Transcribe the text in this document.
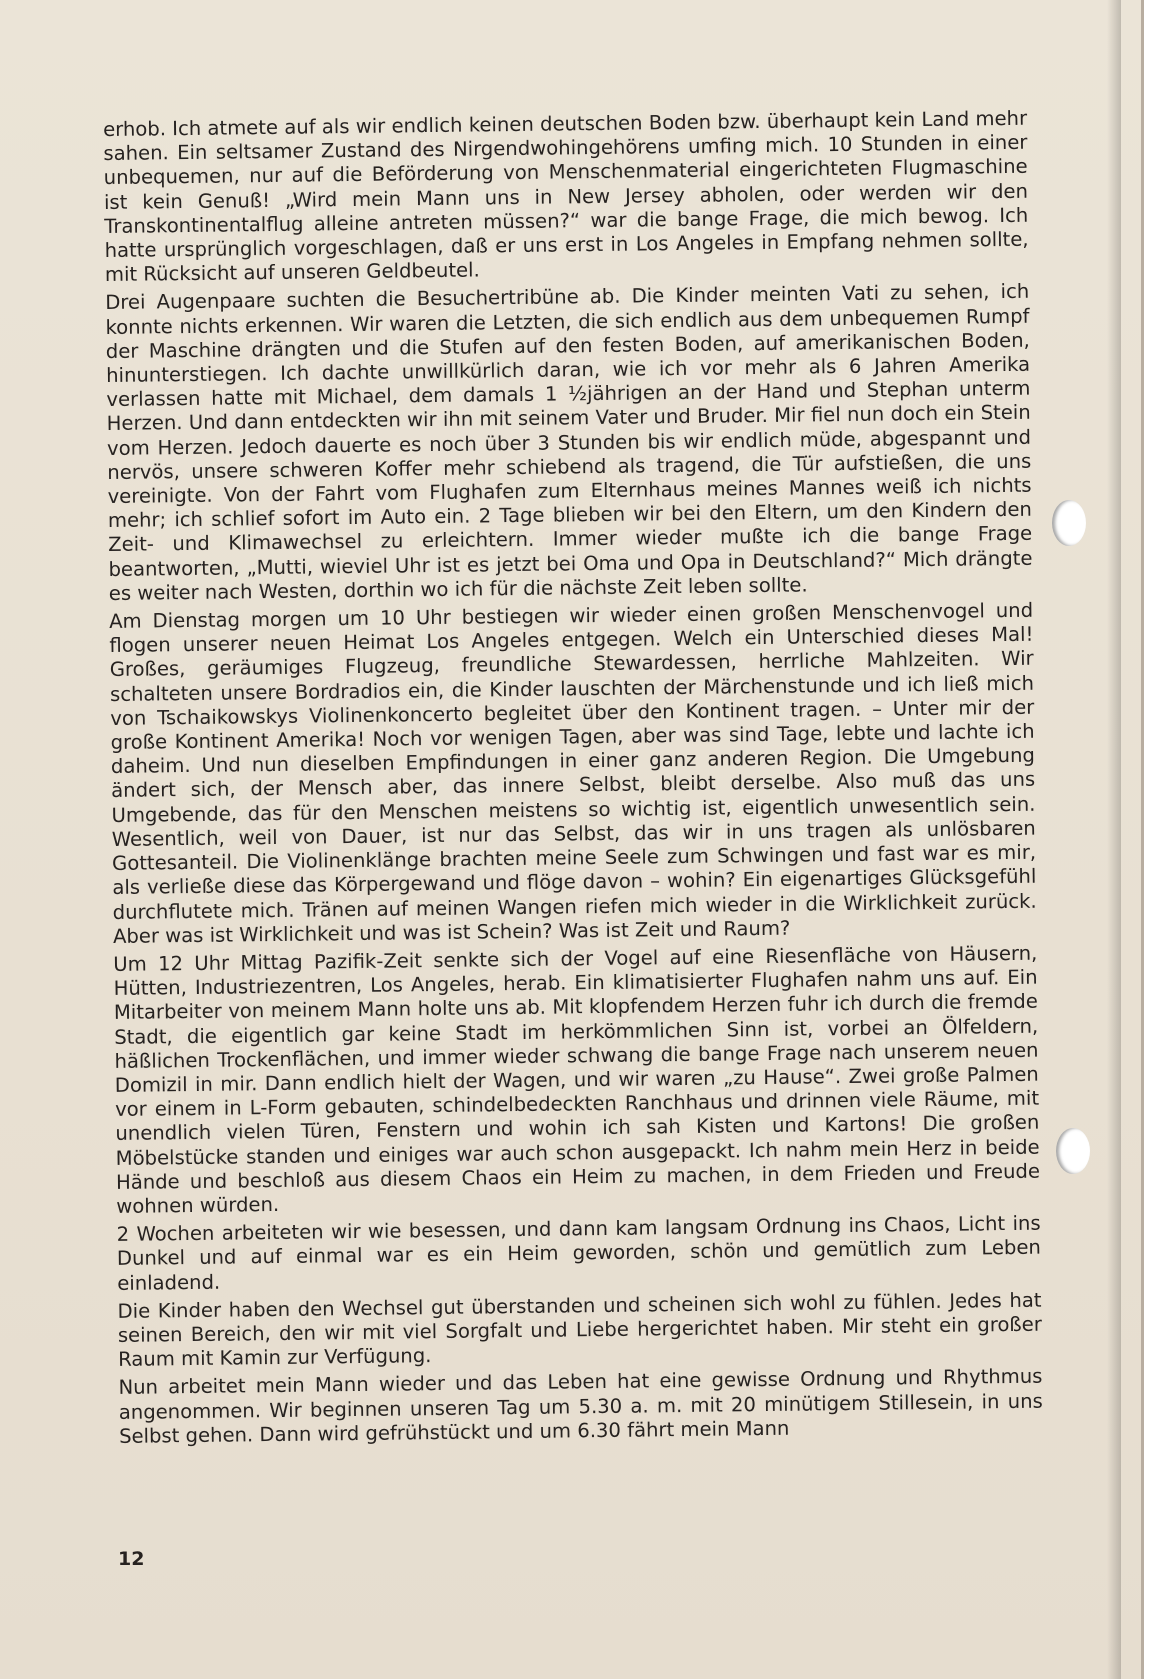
erhob. Ich atmete auf als wir endlich keinen deutschen Boden bzw. überhaupt kein Land mehr sahen. Ein seltsamer Zustand des Nirgendwohingehörens umfing mich. 10 Stunden in einer unbequemen, nur auf die Beförderung von Menschenmaterial eingerichteten Flugmaschine ist kein Genuß! „Wird mein Mann uns in New Jersey abholen, oder werden wir den Transkontinentalflug alleine antreten müssen?“ war die bange Frage, die mich bewog. Ich hatte ursprünglich vorgeschlagen, daß er uns erst in Los Angeles in Empfang nehmen sollte, mit Rücksicht auf unseren Geldbeutel.

Drei Augenpaare suchten die Besuchertribüne ab. Die Kinder meinten Vati zu sehen, ich konnte nichts erkennen. Wir waren die Letzten, die sich endlich aus dem unbequemen Rumpf der Maschine drängten und die Stufen auf den festen Boden, auf amerikanischen Boden, hinunterstiegen. Ich dachte unwillkürlich daran, wie ich vor mehr als 6 Jahren Amerika verlassen hatte mit Michael, dem damals 1 ½jährigen an der Hand und Stephan unterm Herzen. Und dann entdeckten wir ihn mit seinem Vater und Bruder. Mir fiel nun doch ein Stein vom Herzen. Jedoch dauerte es noch über 3 Stunden bis wir endlich müde, abgespannt und nervös, unsere schweren Koffer mehr schiebend als tragend, die Tür aufstießen, die uns vereinigte. Von der Fahrt vom Flughafen zum Elternhaus meines Mannes weiß ich nichts mehr; ich schlief sofort im Auto ein. 2 Tage blieben wir bei den Eltern, um den Kindern den Zeit- und Klimawechsel zu erleichtern. Immer wieder mußte ich die bange Frage beantworten, „Mutti, wieviel Uhr ist es jetzt bei Oma und Opa in Deutschland?“ Mich drängte es weiter nach Westen, dorthin wo ich für die nächste Zeit leben sollte.

Am Dienstag morgen um 10 Uhr bestiegen wir wieder einen großen Menschenvogel und flogen unserer neuen Heimat Los Angeles entgegen. Welch ein Unterschied dieses Mal! Großes, geräumiges Flugzeug, freundliche Stewardessen, herrliche Mahlzeiten. Wir schalteten unsere Bordradios ein, die Kinder lauschten der Märchenstunde und ich ließ mich von Tschaikowskys Violinenkoncerto begleitet über den Kontinent tragen. – Unter mir der große Kontinent Amerika! Noch vor wenigen Tagen, aber was sind Tage, lebte und lachte ich daheim. Und nun dieselben Empfindungen in einer ganz anderen Region. Die Umgebung ändert sich, der Mensch aber, das innere Selbst, bleibt derselbe. Also muß das uns Umgebende, das für den Menschen meistens so wichtig ist, eigentlich unwesentlich sein. Wesentlich, weil von Dauer, ist nur das Selbst, das wir in uns tragen als unlösbaren Gottesanteil. Die Violinenklänge brachten meine Seele zum Schwingen und fast war es mir, als verließe diese das Körpergewand und flöge davon – wohin? Ein eigenartiges Glücksgefühl durchflutete mich. Tränen auf meinen Wangen riefen mich wieder in die Wirklichkeit zurück. Aber was ist Wirklichkeit und was ist Schein? Was ist Zeit und Raum?

Um 12 Uhr Mittag Pazifik-Zeit senkte sich der Vogel auf eine Riesenfläche von Häusern, Hütten, Industriezentren, Los Angeles, herab. Ein klimatisierter Flughafen nahm uns auf. Ein Mitarbeiter von meinem Mann holte uns ab. Mit klopfendem Herzen fuhr ich durch die fremde Stadt, die eigentlich gar keine Stadt im herkömmlichen Sinn ist, vorbei an Ölfeldern, häßlichen Trockenflächen, und immer wieder schwang die bange Frage nach unserem neuen Domizil in mir. Dann endlich hielt der Wagen, und wir waren „zu Hause“. Zwei große Palmen vor einem in L-Form gebauten, schindelbedeckten Ranchhaus und drinnen viele Räume, mit unendlich vielen Türen, Fenstern und wohin ich sah Kisten und Kartons! Die großen Möbelstücke standen und einiges war auch schon ausgepackt. Ich nahm mein Herz in beide Hände und beschloß aus diesem Chaos ein Heim zu machen, in dem Frieden und Freude wohnen würden.

2 Wochen arbeiteten wir wie besessen, und dann kam langsam Ordnung ins Chaos, Licht ins Dunkel und auf einmal war es ein Heim geworden, schön und gemütlich zum Leben einladend.

Die Kinder haben den Wechsel gut überstanden und scheinen sich wohl zu fühlen. Jedes hat seinen Bereich, den wir mit viel Sorgfalt und Liebe hergerichtet haben. Mir steht ein großer Raum mit Kamin zur Verfügung.

Nun arbeitet mein Mann wieder und das Leben hat eine gewisse Ordnung und Rhythmus angenommen. Wir beginnen unseren Tag um 5.30 a. m. mit 20 minütigem Stillesein, in uns Selbst gehen. Dann wird gefrühstückt und um 6.30 fährt mein Mann

12
